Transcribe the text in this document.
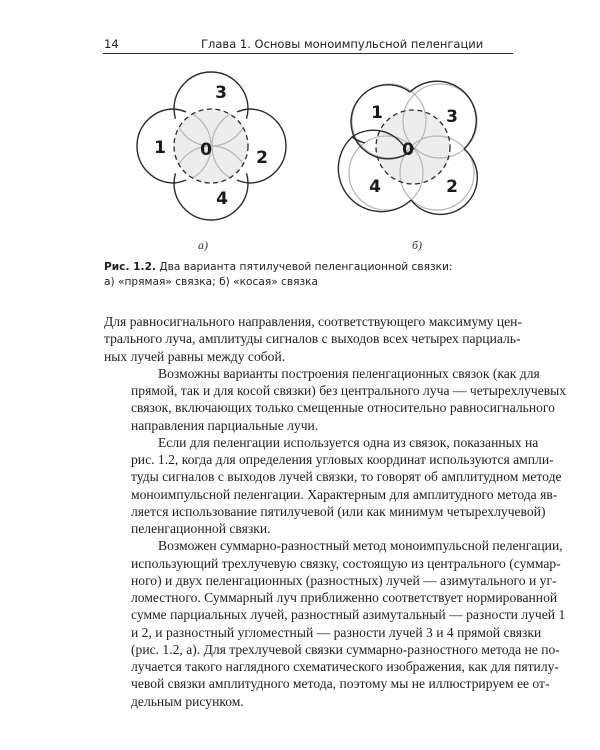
14	Глава 1. Основы моноимпульсной пеленгации
3
1 0	2
4
1	3
0
4	2
а)	б)
Рис. 1.2. Два варианта пятилучевой пеленгационной связки:
а) «прямая» связка; б) «косая» связка

Для равносигнального направления, соответствующего максимуму цен-
трального луча, амплитуды сигналов с выходов всех четырех парциаль-
ных лучей равны между собой.

Возможны варианты построения пеленгационных связок (как для
прямой, так и для косой связки) без центрального луча — четырехлучевых
связок, включающих только смещенные относительно равносигнального
направления парциальные лучи.

Если для пеленгации используется одна из связок, показанных на
рис. 1.2, когда для определения угловых координат используются ампли-
туды сигналов с выходов лучей связки, то говорят об амплитудном методе
моноимпульсной пеленгации. Характерным для амплитудного метода яв-
ляется использование пятилучевой (или как минимум четырехлучевой)
пеленгационной связки.

Возможен суммарно-разностный метод моноимпульсной пеленгации,
использующий трехлучевую связку, состоящую из центрального (суммар-
ного) и двух пеленгационных (разностных) лучей — азимутального и уг-
ломестного. Суммарный луч приближенно соответствует нормированной
сумме парциальных лучей, разностный азимутальный — разности лучей 1
и 2, и разностный угломестный — разности лучей 3 и 4 прямой связки
(рис. 1.2, а). Для трехлучевой связки суммарно-разностного метода не по-
лучается такого наглядного схематического изображения, как для пятилу-
чевой связки амплитудного метода, поэтому мы не иллюстрируем ее от-
дельным рисунком.
